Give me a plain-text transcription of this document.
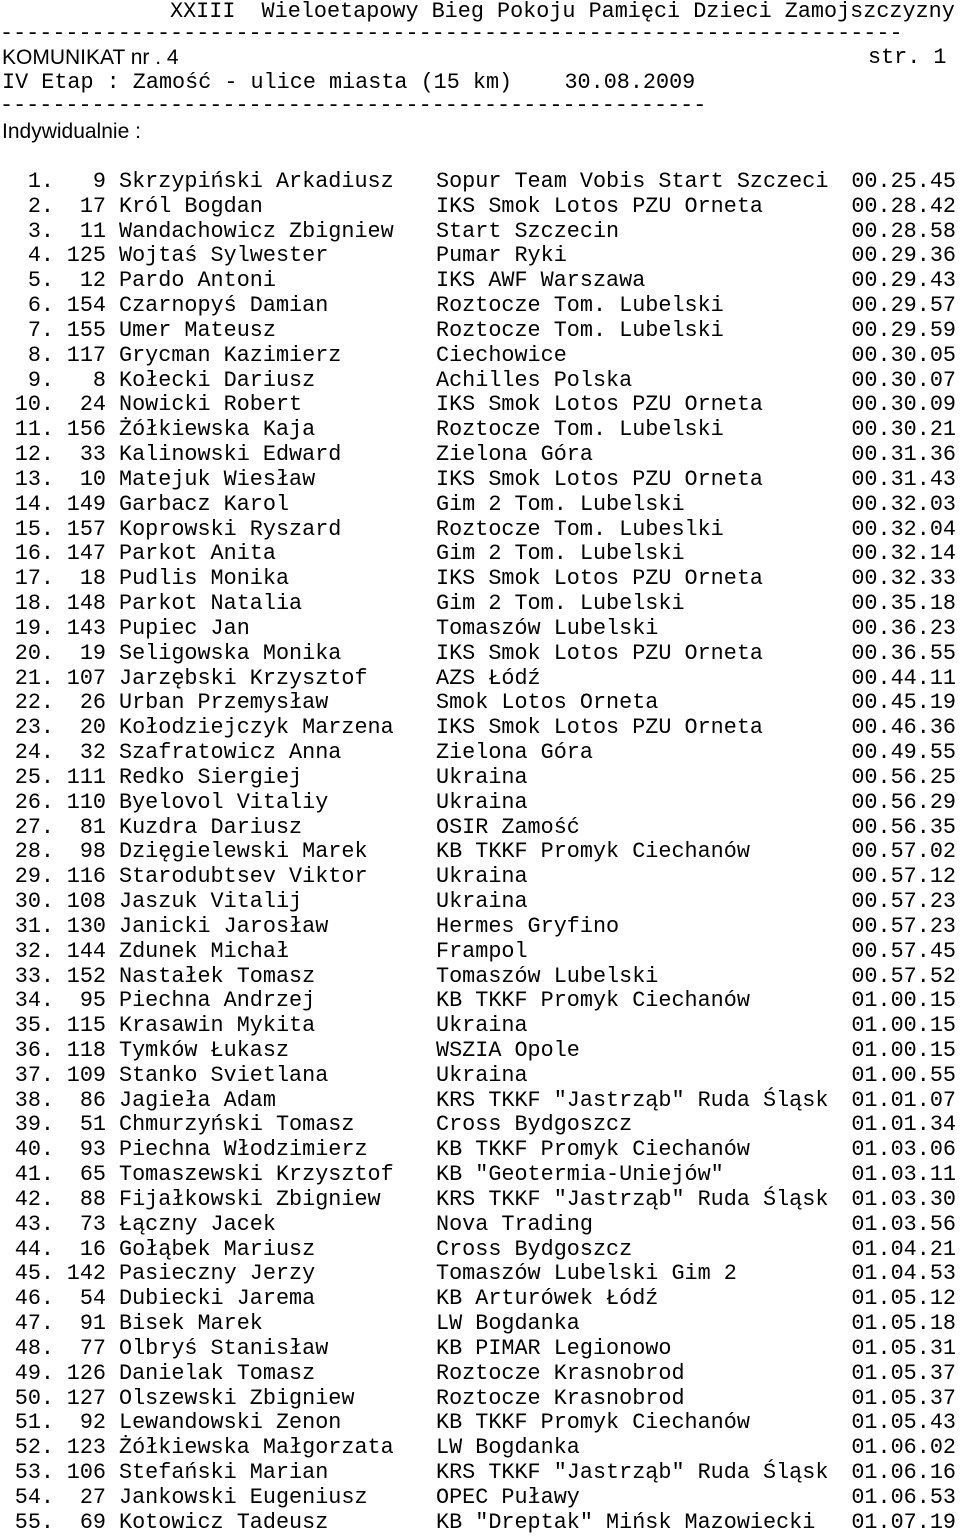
XXIII  Wieloetapowy Bieg Pokoju Pamięci Dzieci Zamojszczyzny
---------------------------------------------------------------------
KOMUNIKAT nr . 4	str. 1
IV Etap : Zamość - ulice miasta (15 km)    30.08.2009
------------------------------------------------------
Indywidualnie :
1.	9 Skrzypiński Arkadiusz	Sopur Team Vobis Start Szczeci	00.25.45
2.	17 Król Bogdan	IKS Smok Lotos PZU Orneta	00.28.42
3.	11 Wandachowicz Zbigniew	Start Szczecin	00.28.58
4. 125 Wojtaś Sylwester	Pumar Ryki	00.29.36
5.	12 Pardo Antoni	IKS AWF Warszawa	00.29.43
6. 154 Czarnopyś Damian	Roztocze Tom. Lubelski	00.29.57
7. 155 Umer Mateusz	Roztocze Tom. Lubelski	00.29.59
8. 117 Grycman Kazimierz	Ciechowice	00.30.05
9.	8 Kołecki Dariusz	Achilles Polska	00.30.07
10.	24 Nowicki Robert	IKS Smok Lotos PZU Orneta	00.30.09
11. 156 Żółkiewska Kaja	Roztocze Tom. Lubelski	00.30.21
12.	33 Kalinowski Edward	Zielona Góra	00.31.36
13.	10 Matejuk Wiesław	IKS Smok Lotos PZU Orneta	00.31.43
14. 149 Garbacz Karol	Gim 2 Tom. Lubelski	00.32.03
15. 157 Koprowski Ryszard	Roztocze Tom. Lubeslki	00.32.04
16. 147 Parkot Anita	Gim 2 Tom. Lubelski	00.32.14
17.	18 Pudlis Monika	IKS Smok Lotos PZU Orneta	00.32.33
18. 148 Parkot Natalia	Gim 2 Tom. Lubelski	00.35.18
19. 143 Pupiec Jan	Tomaszów Lubelski	00.36.23
20.	19 Seligowska Monika	IKS Smok Lotos PZU Orneta	00.36.55
21. 107 Jarzębski Krzysztof	AZS Łódź	00.44.11
22.	26 Urban Przemysław	Smok Lotos Orneta	00.45.19
23.	20 Kołodziejczyk Marzena	IKS Smok Lotos PZU Orneta	00.46.36
24.	32 Szafratowicz Anna	Zielona Góra	00.49.55
25. 111 Redko Siergiej	Ukraina	00.56.25
26. 110 Byelovol Vitaliy	Ukraina	00.56.29
27.	81 Kuzdra Dariusz	OSIR Zamość	00.56.35
28.	98 Dzięgielewski Marek	KB TKKF Promyk Ciechanów	00.57.02
29. 116 Starodubtsev Viktor	Ukraina	00.57.12
30. 108 Jaszuk Vitalij	Ukraina	00.57.23
31. 130 Janicki Jarosław	Hermes Gryfino	00.57.23
32. 144 Zdunek Michał	Frampol	00.57.45
33. 152 Nastałek Tomasz	Tomaszów Lubelski	00.57.52
34.	95 Piechna Andrzej	KB TKKF Promyk Ciechanów	01.00.15
35. 115 Krasawin Mykita	Ukraina	01.00.15
36. 118 Tymków Łukasz	WSZIA Opole	01.00.15
37. 109 Stanko Svietlana	Ukraina	01.00.55
38.	86 Jagieła Adam	KRS TKKF "Jastrząb" Ruda Śląsk	01.01.07
39.	51 Chmurzyński Tomasz	Cross Bydgoszcz	01.01.34
40.	93 Piechna Włodzimierz	KB TKKF Promyk Ciechanów	01.03.06
41.	65 Tomaszewski Krzysztof	KB "Geotermia-Uniejów"	01.03.11
42.	88 Fijałkowski Zbigniew	KRS TKKF "Jastrząb" Ruda Śląsk	01.03.30
43.	73 Łączny Jacek	Nova Trading	01.03.56
44.	16 Gołąbek Mariusz	Cross Bydgoszcz	01.04.21
45. 142 Pasieczny Jerzy	Tomaszów Lubelski Gim 2	01.04.53
46.	54 Dubiecki Jarema	KB Arturówek Łódź	01.05.12
47.	91 Bisek Marek	LW Bogdanka	01.05.18
48.	77 Olbryś Stanisław	KB PIMAR Legionowo	01.05.31
49. 126 Danielak Tomasz	Roztocze Krasnobrod	01.05.37
50. 127 Olszewski Zbigniew	Roztocze Krasnobrod	01.05.37
51.	92 Lewandowski Zenon	KB TKKF Promyk Ciechanów	01.05.43
52. 123 Żółkiewska Małgorzata	LW Bogdanka	01.06.02
53. 106 Stefański Marian	KRS TKKF "Jastrząb" Ruda Śląsk	01.06.16
54.	27 Jankowski Eugeniusz	OPEC Puławy	01.06.53
55.	69 Kotowicz Tadeusz	KB "Dreptak" Mińsk Mazowiecki	01.07.19
